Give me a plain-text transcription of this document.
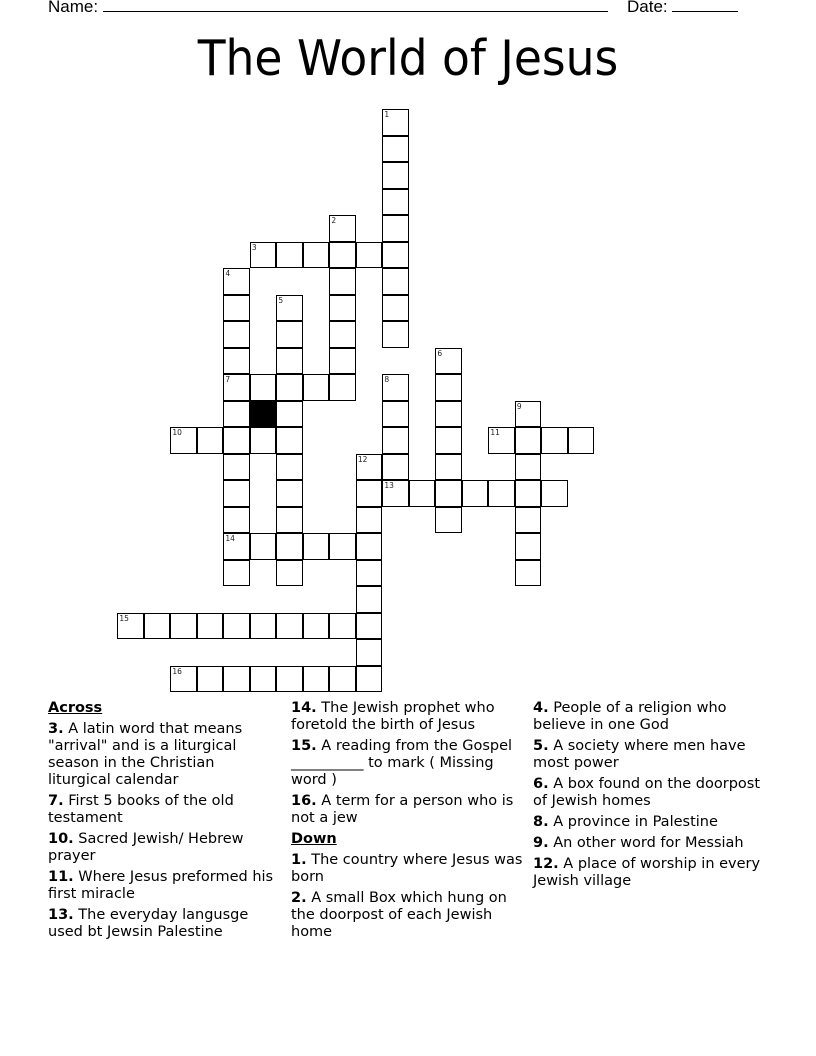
Name:	Date:
The World of Jesus
1
2
3
4
7
14
5
6
8
13
9
10	11
12
15
16
Across
3. A latin word that means "arrival" and is a liturgical season in the Christian liturgical calendar
7. First 5 books of the old testament
10. Sacred Jewish/ Hebrew prayer
11. Where Jesus preformed his first miracle
13. The everyday langusge used bt Jewsin Palestine
14. The Jewish prophet who foretold the birth of Jesus
15. A reading from the Gospel __________ to mark ( Missing word )
16. A term for a person who is not a jew
Down
1. The country where Jesus was born
2. A small Box which hung on the doorpost of each Jewish home
4. People of a religion who believe in one God
5. A society where men have most power
6. A box found on the doorpost of Jewish homes
8. A province in Palestine
9. An other word for Messiah
12. A place of worship in every Jewish village
